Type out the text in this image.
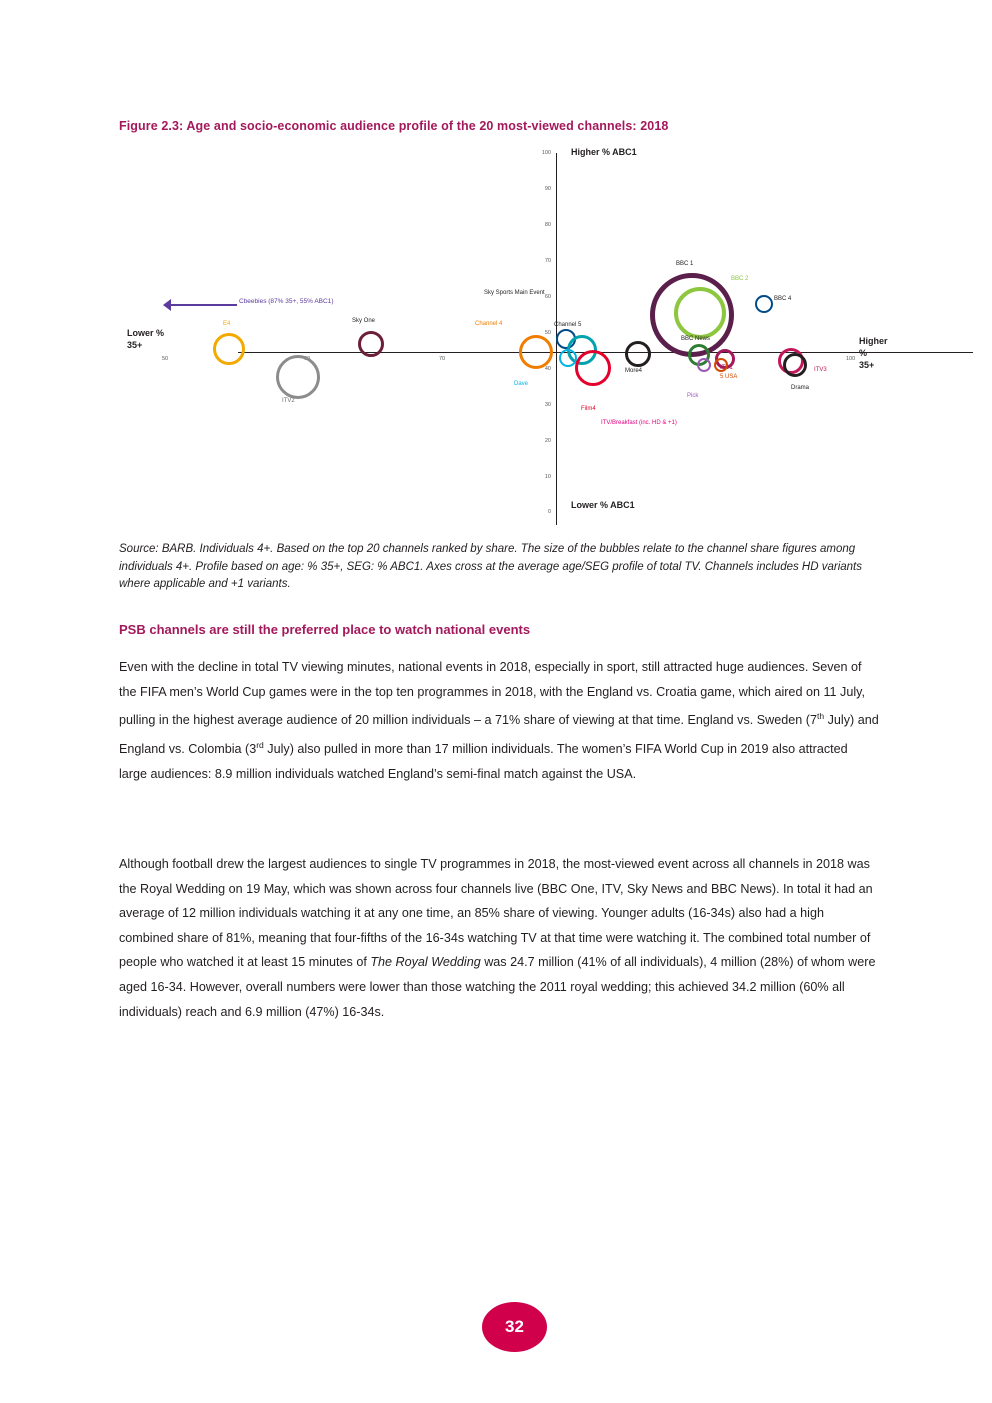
Figure 2.3: Age and socio-economic audience profile of the 20 most-viewed channels: 2018
100
90
80
70
60
50
40
30
20
10
0
50	60	70	100
Higher % ABC1
Lower % ABC1
Higher %
35+
Lower %
35+
Cbeebies (87% 35+, 55% ABC1)
E4
ITV2
Sky One	Channel 4
Sky Sports Main Event
Channel 5
Dave
Film4
More4
BBC 1
BBC 2
BBC News
ITV1
BBC 4
Pick
5 USA
ITV3
Drama
ITV/Breakfast (inc. HD & +1)
Source: BARB. Individuals 4+. Based on the top 20 channels ranked by share. The size of the bubbles relate to the channel share figures among individuals 4+. Profile based on age: % 35+, SEG: % ABC1. Axes cross at the average age/SEG profile of total TV. Channels includes HD variants where applicable and +1 variants.
PSB channels are still the preferred place to watch national events
Even with the decline in total TV viewing minutes, national events in 2018, especially in sport, still attracted huge audiences. Seven of the FIFA men’s World Cup games were in the top ten programmes in 2018, with the England vs. Croatia game, which aired on 11 July, pulling in the highest average audience of 20 million individuals – a 71% share of viewing at that time. England vs. Sweden (7th July) and England vs. Colombia (3rd July) also pulled in more than 17 million individuals. The women’s FIFA World Cup in 2019 also attracted large audiences: 8.9 million individuals watched England’s semi-final match against the USA.
Although football drew the largest audiences to single TV programmes in 2018, the most-viewed event across all channels in 2018 was the Royal Wedding on 19 May, which was shown across four channels live (BBC One, ITV, Sky News and BBC News). In total it had an average of 12 million individuals watching it at any one time, an 85% share of viewing. Younger adults (16-34s) also had a high combined share of 81%, meaning that four-fifths of the 16-34s watching TV at that time were watching it. The combined total number of people who watched it at least 15 minutes of The Royal Wedding was 24.7 million (41% of all individuals), 4 million (28%) of whom were aged 16-34. However, overall numbers were lower than those watching the 2011 royal wedding; this achieved 34.2 million (60% all individuals) reach and 6.9 million (47%) 16-34s.
32
